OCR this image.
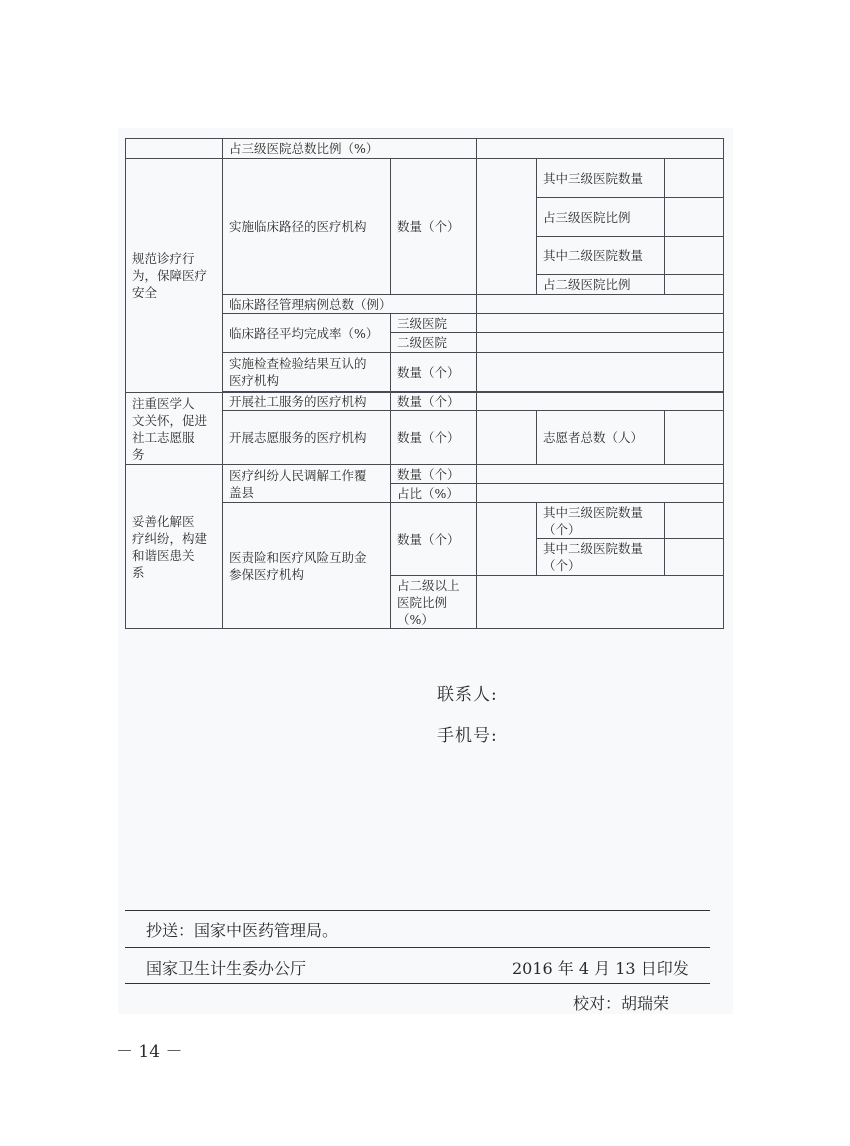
	占三级医院总数比例（%）				
规范诊疗行
为，保障医疗
安全	实施临床路径的医疗机构	数量（个）		其中三级医院数量	
				占三级医院比例	
				其中二级医院数量	
				占二级医院比例	
	临床路径管理病例总数（例）				
	临床路径平均完成率（%）	三级医院			
		二级医院			
	实施检查检验结果互认的
医疗机构	数量（个）			

注重医学人
文关怀，促进
社工志愿服
务	开展社工服务的医疗机构	数量（个）			
	开展志愿服务的医疗机构	数量（个）		志愿者总数（人）	
妥善化解医
疗纠纷，构建
和谐医患关
系	医疗纠纷人民调解工作覆
盖县	数量（个）			
		占比（%）			
	医责险和医疗风险互助金
参保医疗机构	数量（个）		其中三级医院数量
（个）	
				其中二级医院数量
（个）	
		占二级以上
医院比例
（%）			
联系人:
手机号:
抄送：国家中医药管理局。
国家卫生计生委办公厅	2016 年 4 月 13 日印发
校对：胡瑞荣
－ 14 －
